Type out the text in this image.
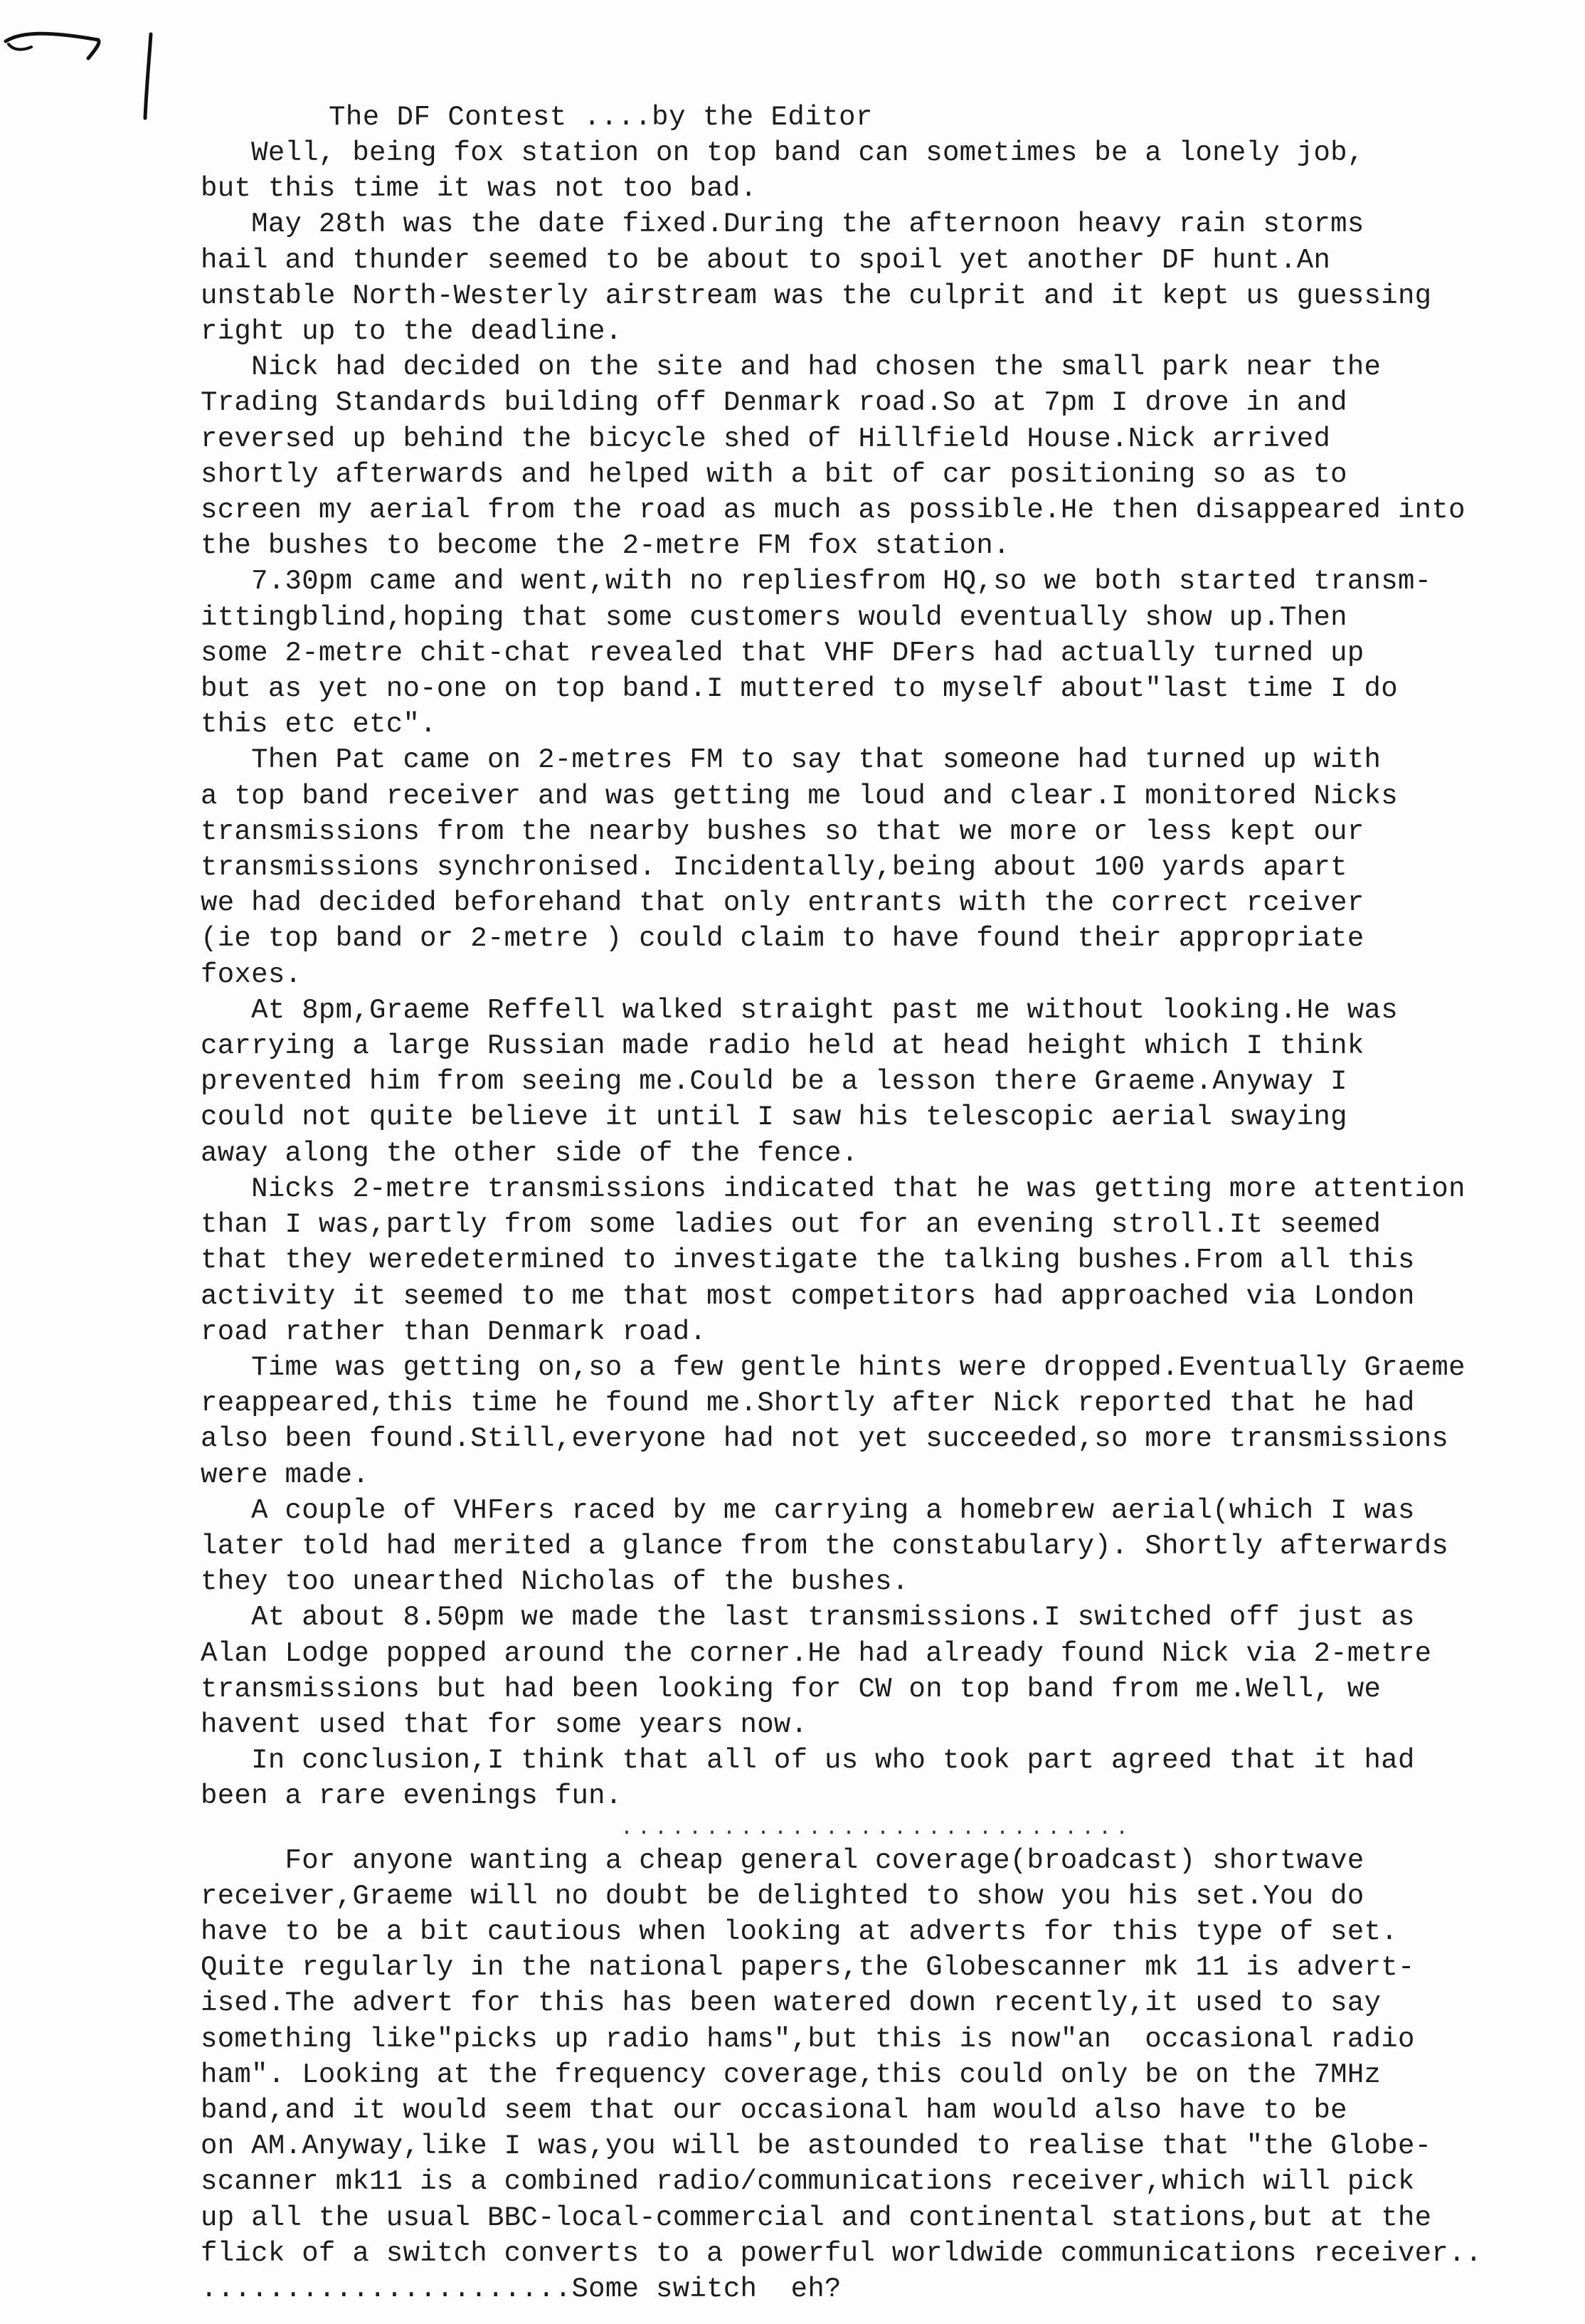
The DF Contest ....by the Editor
Well, being fox station on top band can sometimes be a lonely job,
but this time it was not too bad.
May 28th was the date fixed.During the afternoon heavy rain storms
hail and thunder seemed to be about to spoil yet another DF hunt.An
unstable North-Westerly airstream was the culprit and it kept us guessing
right up to the deadline.
Nick had decided on the site and had chosen the small park near the
Trading Standards building off Denmark road.So at 7pm I drove in and
reversed up behind the bicycle shed of Hillfield House.Nick arrived
shortly afterwards and helped with a bit of car positioning so as to
screen my aerial from the road as much as possible.He then disappeared into
the bushes to become the 2-metre FM fox station.
7.30pm came and went,with no repliesfrom HQ,so we both started transm-
ittingblind,hoping that some customers would eventually show up.Then
some 2-metre chit-chat revealed that VHF DFers had actually turned up
but as yet no-one on top band.I muttered to myself about"last time I do
this etc etc".
Then Pat came on 2-metres FM to say that someone had turned up with
a top band receiver and was getting me loud and clear.I monitored Nicks
transmissions from the nearby bushes so that we more or less kept our
transmissions synchronised. Incidentally,being about 100 yards apart
we had decided beforehand that only entrants with the correct rceiver
(ie top band or 2-metre ) could claim to have found their appropriate
foxes.
At 8pm,Graeme Reffell walked straight past me without looking.He was
carrying a large Russian made radio held at head height which I think
prevented him from seeing me.Could be a lesson there Graeme.Anyway I
could not quite believe it until I saw his telescopic aerial swaying
away along the other side of the fence.
Nicks 2-metre transmissions indicated that he was getting more attention
than I was,partly from some ladies out for an evening stroll.It seemed
that they weredetermined to investigate the talking bushes.From all this
activity it seemed to me that most competitors had approached via London
road rather than Denmark road.
Time was getting on,so a few gentle hints were dropped.Eventually Graeme
reappeared,this time he found me.Shortly after Nick reported that he had
also been found.Still,everyone had not yet succeeded,so more transmissions
were made.
A couple of VHFers raced by me carrying a homebrew aerial(which I was
later told had merited a glance from the constabulary). Shortly afterwards
they too unearthed Nicholas of the bushes.
At about 8.50pm we made the last transmissions.I switched off just as
Alan Lodge popped around the corner.He had already found Nick via 2-metre
transmissions but had been looking for CW on top band from me.Well, we
havent used that for some years now.
In conclusion,I think that all of us who took part agreed that it had
been a rare evenings fun.
..............................
For anyone wanting a cheap general coverage(broadcast) shortwave
receiver,Graeme will no doubt be delighted to show you his set.You do
have to be a bit cautious when looking at adverts for this type of set.
Quite regularly in the national papers,the Globescanner mk 11 is advert-
ised.The advert for this has been watered down recently,it used to say
something like"picks up radio hams",but this is now"an  occasional radio
ham". Looking at the frequency coverage,this could only be on the 7MHz
band,and it would seem that our occasional ham would also have to be
on AM.Anyway,like I was,you will be astounded to realise that "the Globe-
scanner mk11 is a combined radio/communications receiver,which will pick
up all the usual BBC-local-commercial and continental stations,but at the
flick of a switch converts to a powerful worldwide communications receiver..
......................Some switch  eh?
